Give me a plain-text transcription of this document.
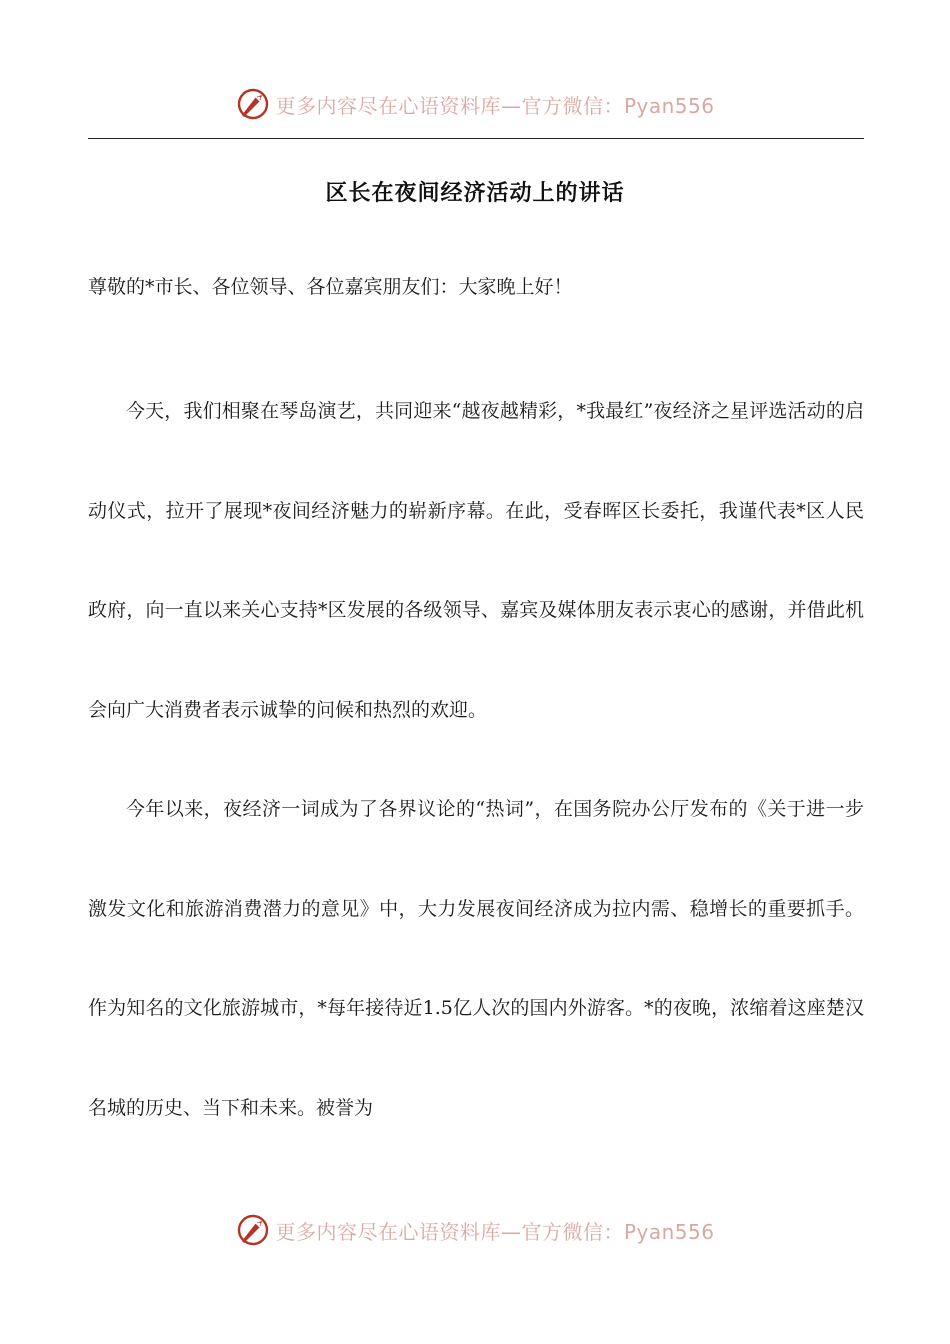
更多内容尽在心语资料库—官方微信：Pyan556
区长在夜间经济活动上的讲话

尊敬的*市长、各位领导、各位嘉宾朋友们：大家晚上好！

今天，我们相聚在琴岛演艺，共同迎来“越夜越精彩，*我最红”夜经济之星评选活动的启动仪式，拉开了展现*夜间经济魅力的崭新序幕。在此，受春晖区长委托，我谨代表*区人民政府，向一直以来关心支持*区发展的各级领导、嘉宾及媒体朋友表示衷心的感谢，并借此机会向广大消费者表示诚挚的问候和热烈的欢迎。

今年以来，夜经济一词成为了各界议论的“热词”，在国务院办公厅发布的《关于进一步激发文化和旅游消费潜力的意见》中，大力发展夜间经济成为拉内需、稳增长的重要抓手。作为知名的文化旅游城市，*每年接待近1.5亿人次的国内外游客。*的夜晚，浓缩着这座楚汉名城的历史、当下和未来。被誉为

更多内容尽在心语资料库—官方微信：Pyan556
